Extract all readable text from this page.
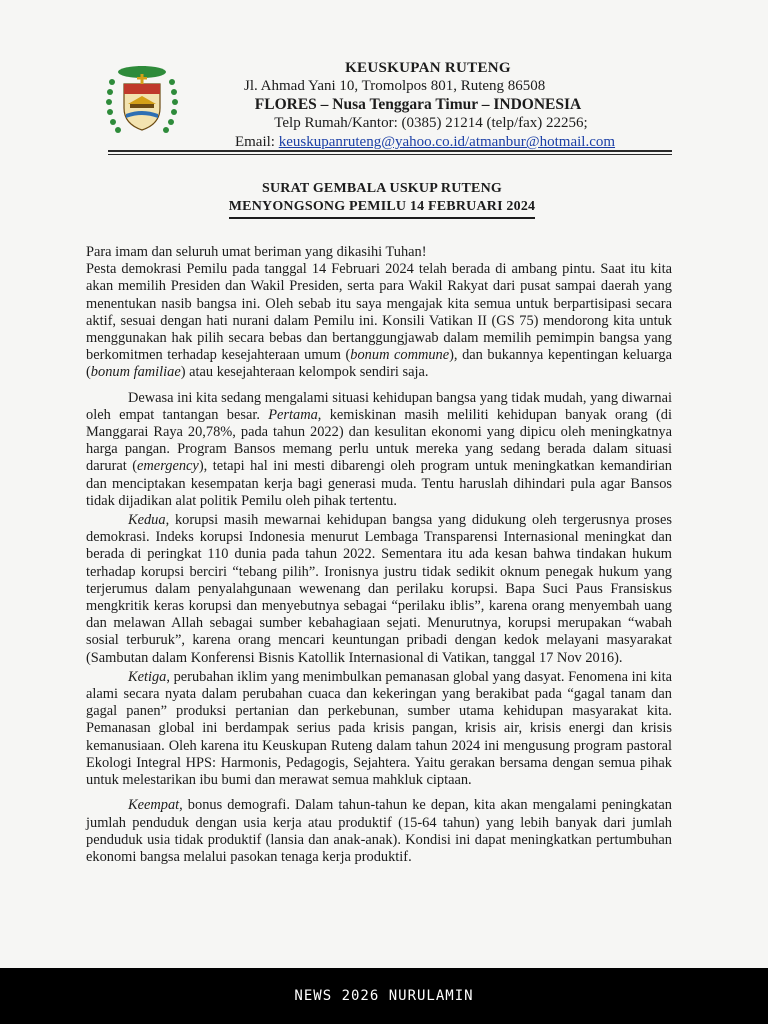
KEUSKUPAN RUTENG
Jl. Ahmad Yani 10, Tromolpos 801, Ruteng 86508
FLORES – Nusa Tenggara Timur – INDONESIA
Telp Rumah/Kantor: (0385) 21214 (telp/fax) 22256;
Email: keuskupanruteng@yahoo.co.id/atmanbur@hotmail.com
SURAT GEMBALA USKUP RUTENG
MENYONGSONG PEMILU 14 FEBRUARI 2024

Para imam dan seluruh umat beriman yang dikasihi Tuhan!

Pesta demokrasi Pemilu pada tanggal 14 Februari 2024 telah berada di ambang pintu. Saat itu kita akan memilih Presiden dan Wakil Presiden, serta para Wakil Rakyat dari pusat sampai daerah yang menentukan nasib bangsa ini. Oleh sebab itu saya mengajak kita semua untuk berpartisipasi secara aktif, sesuai dengan hati nurani dalam Pemilu ini. Konsili Vatikan II (GS 75) mendorong kita untuk menggunakan hak pilih secara bebas dan bertanggungjawab dalam memilih pemimpin bangsa yang berkomitmen terhadap kesejahteraan umum (bonum commune), dan bukannya kepentingan keluarga (bonum familiae) atau kesejahteraan kelompok sendiri saja.

Dewasa ini kita sedang mengalami situasi kehidupan bangsa yang tidak mudah, yang diwarnai oleh empat tantangan besar. Pertama, kemiskinan masih meliliti kehidupan banyak orang (di Manggarai Raya 20,78%, pada tahun 2022) dan kesulitan ekonomi yang dipicu oleh meningkatnya harga pangan. Program Bansos memang perlu untuk mereka yang sedang berada dalam situasi darurat (emergency), tetapi hal ini mesti dibarengi oleh program untuk meningkatkan kemandirian dan menciptakan kesempatan kerja bagi generasi muda. Tentu haruslah dihindari pula agar Bansos tidak dijadikan alat politik Pemilu oleh pihak tertentu.

Kedua, korupsi masih mewarnai kehidupan bangsa yang didukung oleh tergerusnya proses demokrasi. Indeks korupsi Indonesia menurut Lembaga Transparensi Internasional meningkat dan berada di peringkat 110 dunia pada tahun 2022. Sementara itu ada kesan bahwa tindakan hukum terhadap korupsi berciri “tebang pilih”. Ironisnya justru tidak sedikit oknum penegak hukum yang terjerumus dalam penyalahgunaan wewenang dan perilaku korupsi. Bapa Suci Paus Fransiskus mengkritik keras korupsi dan menyebutnya sebagai “perilaku iblis”, karena orang menyembah uang dan melawan Allah sebagai sumber kebahagiaan sejati. Menurutnya, korupsi merupakan “wabah sosial terburuk”, karena orang mencari keuntungan pribadi dengan kedok melayani masyarakat (Sambutan dalam Konferensi Bisnis Katollik Internasional di Vatikan, tanggal 17 Nov 2016).

Ketiga, perubahan iklim yang menimbulkan pemanasan global yang dasyat. Fenomena ini kita alami secara nyata dalam perubahan cuaca dan kekeringan yang berakibat pada “gagal tanam dan gagal panen” produksi pertanian dan perkebunan, sumber utama kehidupan masyarakat kita. Pemanasan global ini berdampak serius pada krisis pangan, krisis air, krisis energi dan krisis kemanusiaan. Oleh karena itu Keuskupan Ruteng dalam tahun 2024 ini mengusung program pastoral Ekologi Integral HPS: Harmonis, Pedagogis, Sejahtera. Yaitu gerakan bersama dengan semua pihak untuk melestarikan ibu bumi dan merawat semua mahkluk ciptaan.

Keempat, bonus demografi. Dalam tahun-tahun ke depan, kita akan mengalami peningkatan jumlah penduduk dengan usia kerja atau produktif (15-64 tahun) yang lebih banyak dari jumlah penduduk usia tidak produktif (lansia dan anak-anak). Kondisi ini dapat meningkatkan pertumbuhan ekonomi bangsa melalui pasokan tenaga kerja produktif.

NEWS 2026 NURULAMIN
